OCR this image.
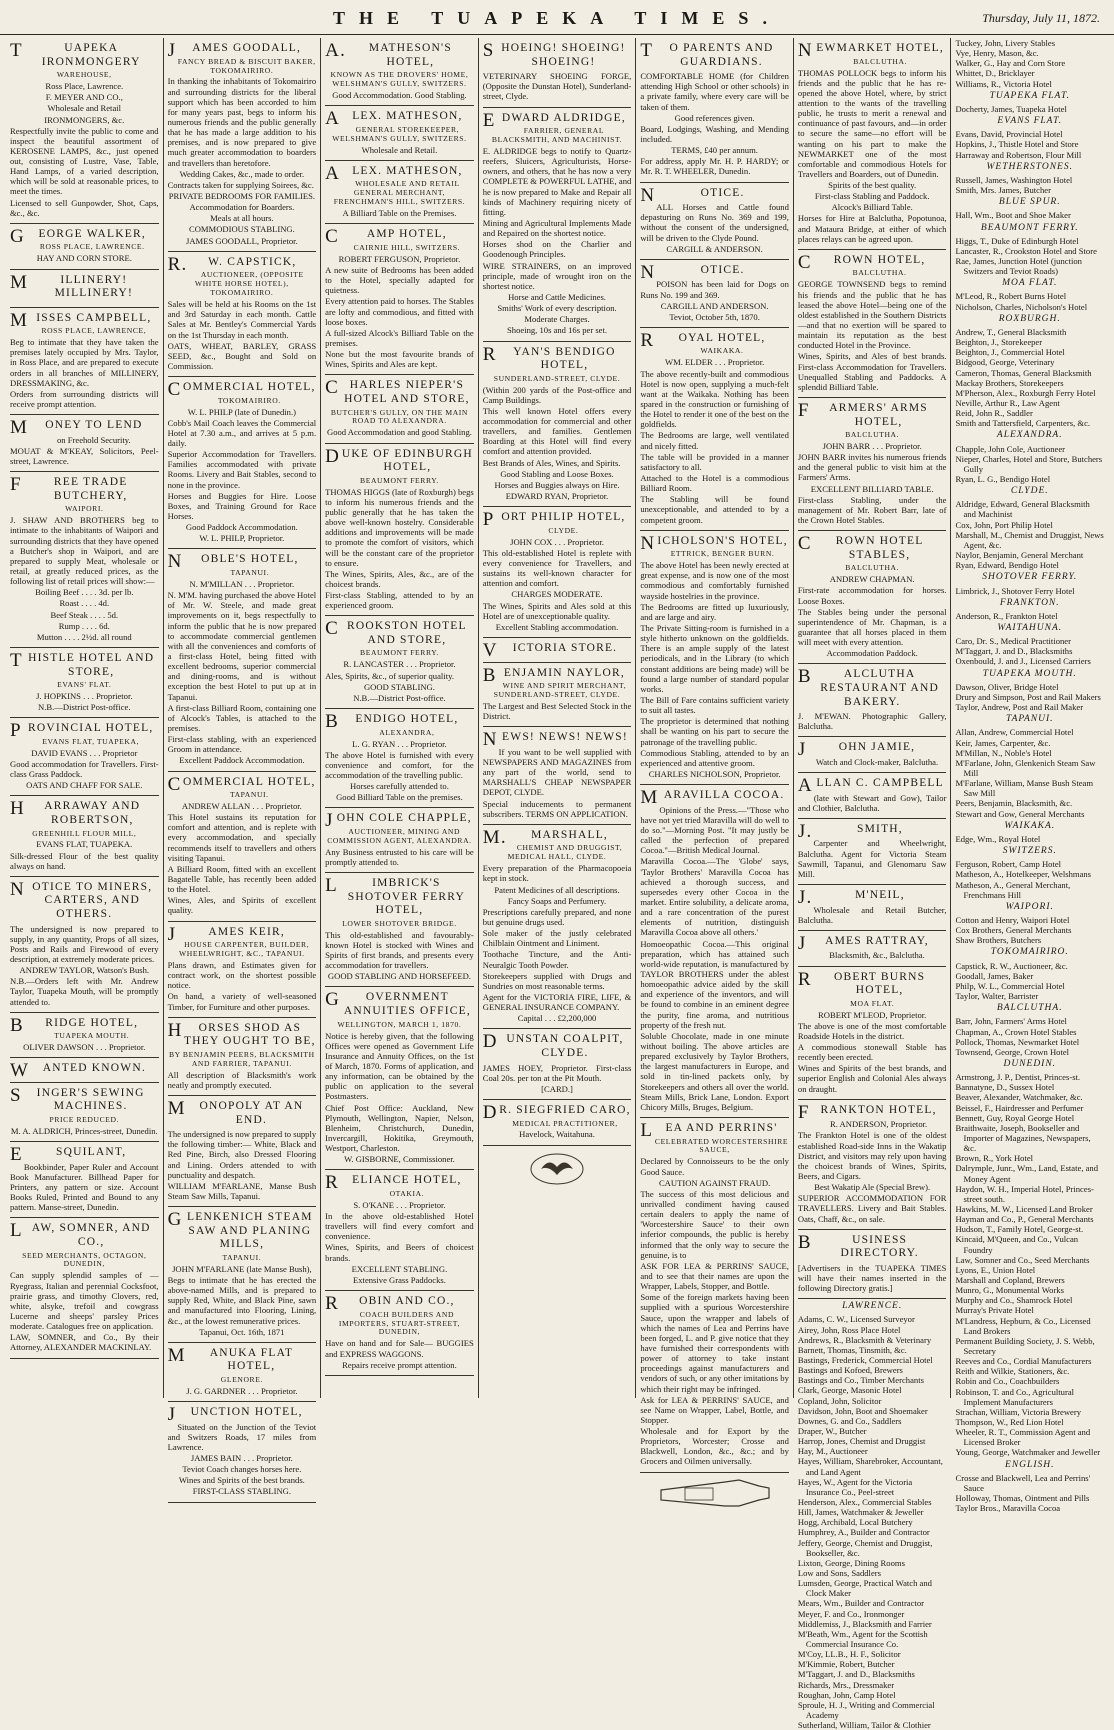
THE TUAPEKA TIMES.	Thursday, July 11, 1872.
TUAPEKA IRONMONGERY
WAREHOUSE,
Ross Place, Lawrence.
F. MEYER AND CO.,
Wholesale and Retail
IRONMONGERS, &c.
Respectfully invite the public to come and inspect the beautiful assortment of KEROSENE LAMPS, &c., just opened out, consisting of Lustre, Vase, Table, Hand Lamps, of a varied description, which will be sold at reasonable prices, to meet the times.
Licensed to sell Gunpowder, Shot, Caps, &c., &c.
GEORGE WALKER,
ROSS PLACE, LAWRENCE.
HAY AND CORN STORE.
MILLINERY! MILLINERY!
MISSES CAMPBELL,
ROSS PLACE, LAWRENCE,
Beg to intimate that they have taken the premises lately occupied by Mrs. Taylor, in Ross Place, and are prepared to execute orders in all branches of MILLINERY, DRESSMAKING, &c.
Orders from surrounding districts will receive prompt attention.
MONEY TO LEND
on Freehold Security.
MOUAT & M'KEAY, Solicitors, Peel-street, Lawrence.
FREE TRADE BUTCHERY,
WAIPORI.
J. SHAW AND BROTHERS beg to intimate to the inhabitants of Waipori and surrounding districts that they have opened a Butcher's shop in Waipori, and are prepared to supply Meat, wholesale or retail, at greatly reduced prices, as the following list of retail prices will show:—
Boiling Beef . . . . 3d. per lb.
Roast . . . . 4d.
Beef Steak . . . . 5d.
Rump . . . . 6d.
Mutton . . . . 2½d. all round
THISTLE HOTEL AND STORE,
EVANS' FLAT.
J. HOPKINS . . . Proprietor.
N.B.—District Post-office.
PROVINCIAL HOTEL,
EVANS FLAT, TUAPEKA,
DAVID EVANS . . . Proprietor
Good accommodation for Travellers. First-class Grass Paddock.
OATS AND CHAFF FOR SALE.
HARRAWAY AND ROBERTSON,
GREENHILL FLOUR MILL,
EVANS FLAT, TUAPEKA.
Silk-dressed Flour of the best quality always on hand.
NOTICE TO MINERS, CARTERS, AND OTHERS.
The undersigned is now prepared to supply, in any quantity, Props of all sizes, Posts and Rails and Firewood of every description, at extremely moderate prices.
ANDREW TAYLOR, Watson's Bush.
N.B.—Orders left with Mr. Andrew Taylor, Tuapeka Mouth, will be promptly attended to.
BRIDGE HOTEL,
TUAPEKA MOUTH.
OLIVER DAWSON . . . Proprietor.
WANTED KNOWN.
SINGER'S SEWING MACHINES.
PRICE REDUCED.
M. A. ALDRICH, Princes-street, Dunedin.
ESQUILANT,
Bookbinder, Paper Ruler and Account Book Manufacturer. Billhead Paper for Printers, any pattern or size. Account Books Ruled, Printed and Bound to any pattern. Manse-street, Dunedin.
LAW, SOMNER, AND CO.,
SEED MERCHANTS, OCTAGON, DUNEDIN,
Can supply splendid samples of — Ryegrass, Italian and perennial Cocksfoot, prairie grass, and timothy Clovers, red, white, alsyke, trefoil and cowgrass Lucerne and sheeps' parsley Prices moderate. Catalogues free on application.
LAW, SOMNER, and Co., By their Attorney, ALEXANDER MACKINLAY.
JAMES GOODALL,
FANCY BREAD & BISCUIT BAKER, TOKOMAIRIRO.
In thanking the inhabitants of Tokomairiro and surrounding districts for the liberal support which has been accorded to him for many years past, begs to inform his numerous friends and the public generally that he has made a large addition to his premises, and is now prepared to give much greater accommodation to boarders and travellers than heretofore.
Wedding Cakes, &c., made to order.
Contracts taken for supplying Soirees, &c.
PRIVATE BEDROOMS FOR FAMILIES.
Accommodation for Boarders.
Meals at all hours.
COMMODIOUS STABLING.
JAMES GOODALL, Proprietor.
R.W. CAPSTICK,
AUCTIONEER, (OPPOSITE WHITE HORSE HOTEL), TOKOMAIRIRO.
Sales will be held at his Rooms on the 1st and 3rd Saturday in each month. Cattle Sales at Mr. Bentley's Commercial Yards on the 1st Thursday in each month.
OATS, WHEAT, BARLEY, GRASS SEED, &c., Bought and Sold on Commission.
COMMERCIAL HOTEL,
TOKOMAIRIRO.
W. L. PHILP (late of Dunedin.)
Cobb's Mail Coach leaves the Commercial Hotel at 7.30 a.m., and arrives at 5 p.m. daily.
Superior Accommodation for Travellers. Families accommodated with private Rooms. Livery and Bait Stables, second to none in the province.
Horses and Buggies for Hire. Loose Boxes, and Training Ground for Race Horses.
Good Paddock Accommodation.
W. L. PHILP, Proprietor.
NOBLE'S HOTEL,
TAPANUI.
N. M'MILLAN . . . Proprietor.
N. M'M. having purchased the above Hotel of Mr. W. Steele, and made great improvements on it, begs respectfully to inform the public that he is now prepared to accommodate commercial gentlemen with all the conveniences and comforts of a first-class Hotel, being fitted with excellent bedrooms, superior commercial and dining-rooms, and is without exception the best Hotel to put up at in Tapanui.
A first-class Billiard Room, containing one of Alcock's Tables, is attached to the premises.
First-class stabling, with an experienced Groom in attendance.
Excellent Paddock Accommodation.
COMMERCIAL HOTEL,
TAPANUI.
ANDREW ALLAN . . . Proprietor.
This Hotel sustains its reputation for comfort and attention, and is replete with every accommodation, and specially recommends itself to travellers and others visiting Tapanui.
A Billiard Room, fitted with an excellent Bagatelle Table, has recently been added to the Hotel.
Wines, Ales, and Spirits of excellent quality.
JAMES KEIR,
HOUSE CARPENTER, BUILDER, WHEELWRIGHT, &C., TAPANUI.
Plans drawn, and Estimates given for contract work, on the shortest possible notice.
On hand, a variety of well-seasoned Timber, for Furniture and other purposes.
HORSES SHOD AS THEY OUGHT TO BE,
BY BENJAMIN PEERS, BLACKSMITH AND FARRIER, TAPANUI.
All description of Blacksmith's work neatly and promptly executed.
MONOPOLY AT AN END.
The undersigned is now prepared to supply the following timber:— White, Black and Red Pine, Birch, also Dressed Flooring and Lining. Orders attended to with punctuality and despatch.
WILLIAM M'FARLANE, Manse Bush Steam Saw Mills, Tapanui.
GLENKENICH STEAM SAW AND PLANING MILLS,
TAPANUI.
JOHN M'FARLANE (late Manse Bush),
Begs to intimate that he has erected the above-named Mills, and is prepared to supply Red, White, and Black Pine, sawn and manufactured into Flooring, Lining, &c., at the lowest remunerative prices.
Tapanui, Oct. 16th, 1871
MANUKA FLAT HOTEL,
GLENORE.
J. G. GARDNER . . . Proprietor.
JUNCTION HOTEL,
Situated on the Junction of the Teviot and Switzers Roads, 17 miles from Lawrence.
JAMES BAIN . . . Proprietor.
Teviot Coach changes horses here.
Wines and Spirits of the best brands.
FIRST-CLASS STABLING.
A.MATHESON'S HOTEL,
KNOWN AS THE DROVERS' HOME, WELSHMAN'S GULLY, SWITZERS.
Good Accommodation. Good Stabling.
ALEX. MATHESON,
GENERAL STOREKEEPER, WELSHMAN'S GULLY, SWITZERS.
Wholesale and Retail.
ALEX. MATHESON,
WHOLESALE AND RETAIL GENERAL MERCHANT, FRENCHMAN'S HILL, SWITZERS.
A Billiard Table on the Premises.
CAMP HOTEL,
CAIRNIE HILL, SWITZERS.
ROBERT FERGUSON, Proprietor.
A new suite of Bedrooms has been added to the Hotel, specially adapted for quietness.
Every attention paid to horses. The Stables are lofty and commodious, and fitted with loose boxes.
A full-sized Alcock's Billiard Table on the premises.
None but the most favourite brands of Wines, Spirits and Ales are kept.
CHARLES NIEPER'S HOTEL AND STORE,
BUTCHER'S GULLY, ON THE MAIN ROAD TO ALEXANDRA.
Good Accommodation and good Stabling.
DUKE OF EDINBURGH HOTEL,
BEAUMONT FERRY.
THOMAS HIGGS (late of Roxburgh) begs to inform his numerous friends and the public generally that he has taken the above well-known hostelry. Considerable additions and improvements will be made to promote the comfort of visitors, which will be the constant care of the proprietor to ensure.
The Wines, Spirits, Ales, &c., are of the choicest brands.
First-class Stabling, attended to by an experienced groom.
CROOKSTON HOTEL AND STORE,
BEAUMONT FERRY.
R. LANCASTER . . . Proprietor.
Ales, Spirits, &c., of superior quality.
GOOD STABLING.
N.B.—District Post-office.
BENDIGO HOTEL,
ALEXANDRA,
L. G. RYAN . . . Proprietor.
The above Hotel is furnished with every convenience and comfort, for the accommodation of the travelling public.
Horses carefully attended to.
Good Billiard Table on the premises.
JOHN COLE CHAPPLE,
AUCTIONEER, MINING AND COMMISSION AGENT, ALEXANDRA.
Any Business entrusted to his care will be promptly attended to.
LIMBRICK'S SHOTOVER FERRY HOTEL,
LOWER SHOTOVER BRIDGE.
This old-established and favourably-known Hotel is stocked with Wines and Spirits of first brands, and presents every accommodation for travellers.
GOOD STABLING AND HORSEFEED.
GOVERNMENT ANNUITIES OFFICE,
WELLINGTON, MARCH 1, 1870.
Notice is hereby given, that the following Offices were opened as Government Life Insurance and Annuity Offices, on the 1st of March, 1870. Forms of application, and any information, can be obtained by the public on application to the several Postmasters.
Chief Post Office: Auckland, New Plymouth, Wellington, Napier, Nelson, Blenheim, Christchurch, Dunedin, Invercargill, Hokitika, Greymouth, Westport, Charleston.
W. GISBORNE, Commissioner.
RELIANCE HOTEL,
OTAKIA.
S. O'KANE . . . Proprietor.
In the above old-established Hotel travellers will find every comfort and convenience.
Wines, Spirits, and Beers of choicest brands.
EXCELLENT STABLING.
Extensive Grass Paddocks.
ROBIN AND CO.,
COACH BUILDERS AND IMPORTERS, STUART-STREET, DUNEDIN,
Have on hand and for Sale— BUGGIES and EXPRESS WAGGONS.
Repairs receive prompt attention.
SHOEING! SHOEING! SHOEING!
VETERINARY SHOEING FORGE, (Opposite the Dunstan Hotel), Sunderland-street, Clyde.
EDWARD ALDRIDGE,
FARRIER, GENERAL BLACKSMITH, AND MACHINIST.
E. ALDRIDGE begs to notify to Quartz-reefers, Sluicers, Agriculturists, Horse-owners, and others, that he has now a very COMPLETE & POWERFUL LATHE, and he is now prepared to Make and Repair all kinds of Machinery requiring nicety of fitting.
Mining and Agricultural Implements Made and Repaired on the shortest notice.
Horses shod on the Charlier and Goodenough Principles.
WIRE STRAINERS, on an improved principle, made of wrought iron on the shortest notice.
Horse and Cattle Medicines.
Smiths' Work of every description.
Moderate Charges.
Shoeing, 10s and 16s per set.
RYAN'S BENDIGO HOTEL,
SUNDERLAND-STREET, CLYDE.
(Within 200 yards of the Post-office and Camp Buildings.
This well known Hotel offers every accommodation for commercial and other travellers, and families. Gentlemen Boarding at this Hotel will find every comfort and attention provided.
Best Brands of Ales, Wines, and Spirits.
Good Stabling and Loose Boxes.
Horses and Buggies always on Hire.
EDWARD RYAN, Proprietor.
PORT PHILIP HOTEL,
CLYDE.
JOHN COX . . . Proprietor.
This old-established Hotel is replete with every convenience for Travellers, and sustains its well-known character for attention and comfort.
CHARGES MODERATE.
The Wines, Spirits and Ales sold at this Hotel are of unexceptionable quality.
Excellent Stabling accommodation.
VICTORIA STORE.
BENJAMIN NAYLOR,
WINE AND SPIRIT MERCHANT, SUNDERLAND-STREET, CLYDE.
The Largest and Best Selected Stock in the District.
NEWS! NEWS! NEWS!
If you want to be well supplied with NEWSPAPERS AND MAGAZINES from any part of the world, send to MARSHALL'S CHEAP NEWSPAPER DEPOT, CLYDE.
Special inducements to permanent subscribers. TERMS ON APPLICATION.
M.MARSHALL,
CHEMIST AND DRUGGIST, MEDICAL HALL, CLYDE.
Every preparation of the Pharmacopoeia kept in stock.
Patent Medicines of all descriptions.
Fancy Soaps and Perfumery.
Prescriptions carefully prepared, and none but genuine drugs used.
Sole maker of the justly celebrated Chilblain Ointment and Liniment.
Toothache Tincture, and the Anti-Neuralgic Tooth Powder.
Storekeepers supplied with Drugs and Sundries on most reasonable terms.
Agent for the VICTORIA FIRE, LIFE, & GENERAL INSURANCE COMPANY.
Capital . . . £2,200,000
DUNSTAN COALPIT, CLYDE.
JAMES HOEY, Proprietor. First-class Coal 20s. per ton at the Pit Mouth.
[CARD.]
DR. SIEGFRIED CARO,
MEDICAL PRACTITIONER,
Havelock, Waitahuna.
TO PARENTS AND GUARDIANS.
COMFORTABLE HOME (for Children attending High School or other schools) in a private family, where every care will be taken of them.
Good references given.
Board, Lodgings, Washing, and Mending included.
TERMS, £40 per annum.
For address, apply Mr. H. P. HARDY; or Mr. R. T. WHEELER, Dunedin.
NOTICE.
ALL Horses and Cattle found depasturing on Runs No. 369 and 199, without the consent of the undersigned, will be driven to the Clyde Pound.
CARGILL & ANDERSON.
NOTICE.
POISON has been laid for Dogs on Runs No. 199 and 369.
CARGILL AND ANDERSON.
Teviot, October 5th, 1870.
ROYAL HOTEL,
WAIKAKA.
WM. ELDER . . . Proprietor.
The above recently-built and commodious Hotel is now open, supplying a much-felt want at the Waikaka. Nothing has been spared in the construction or furnishing of the Hotel to render it one of the best on the goldfields.
The Bedrooms are large, well ventilated and nicely fitted.
The table will be provided in a manner satisfactory to all.
Attached to the Hotel is a commodious Billiard Room.
The Stabling will be found unexceptionable, and attended to by a competent groom.
NICHOLSON'S HOTEL,
ETTRICK, BENGER BURN.
The above Hotel has been newly erected at great expense, and is now one of the most commodious and comfortably furnished wayside hostelries in the province.
The Bedrooms are fitted up luxuriously, and are large and airy.
The Private Sitting-room is furnished in a style hitherto unknown on the goldfields. There is an ample supply of the latest periodicals, and in the Library (to which constant additions are being made) will be found a large number of standard popular works.
The Bill of Fare contains sufficient variety to suit all tastes.
The proprietor is determined that nothing shall be wanting on his part to secure the patronage of the travelling public.
Commodious Stabling, attended to by an experienced and attentive groom.
CHARLES NICHOLSON, Proprietor.
MARAVILLA COCOA.
Opinions of the Press.—"Those who have not yet tried Maravilla will do well to do so."—Morning Post. "It may justly be called the perfection of prepared Cocoa."—British Medical Journal.
Maravilla Cocoa.—The 'Globe' says, 'Taylor Brothers' Maravilla Cocoa has achieved a thorough success, and supersedes every other Cocoa in the market. Entire solubility, a delicate aroma, and a rare concentration of the purest elements of nutrition, distinguish Maravilla Cocoa above all others.'
Homoeopathic Cocoa.—This original preparation, which has attained such world-wide reputation, is manufactured by TAYLOR BROTHERS under the ablest homoeopathic advice aided by the skill and experience of the inventors, and will be found to combine in an eminent degree the purity, fine aroma, and nutritious property of the fresh nut.
Soluble Chocolate, made in one minute without boiling. The above articles are prepared exclusively by Taylor Brothers, the largest manufacturers in Europe, and sold in tin-lined packets only, by Storekeepers and others all over the world. Steam Mills, Brick Lane, London. Export Chicory Mills, Bruges, Belgium.
LEA AND PERRINS'
CELEBRATED WORCESTERSHIRE SAUCE,
Declared by Connoisseurs to be the only Good Sauce.
CAUTION AGAINST FRAUD.
The success of this most delicious and unrivalled condiment having caused certain dealers to apply the name of 'Worcestershire Sauce' to their own inferior compounds, the public is hereby informed that the only way to secure the genuine, is to
ASK FOR LEA & PERRINS' SAUCE, and to see that their names are upon the Wrapper, Labels, Stopper, and Bottle.
Some of the foreign markets having been supplied with a spurious Worcestershire Sauce, upon the wrapper and labels of which the names of Lea and Perrins have been forged, L. and P. give notice that they have furnished their correspondents with power of attorney to take instant proceedings against manufacturers and vendors of such, or any other imitations by which their right may be infringed.
Ask for LEA & PERRINS' SAUCE, and see Name on Wrapper, Label, Bottle, and Stopper.
Wholesale and for Export by the Proprietors, Worcester; Crosse and Blackwell, London, &c., &c.; and by Grocers and Oilmen universally.
NEWMARKET HOTEL,
BALCLUTHA.
THOMAS POLLOCK begs to inform his friends and the public that he has re-opened the above Hotel, where, by strict attention to the wants of the travelling public, he trusts to merit a renewal and continuance of past favours, and—in order to secure the same—no effort will be wanting on his part to make the NEWMARKET one of the most comfortable and commodious Hotels for Travellers and Boarders, out of Dunedin.
Spirits of the best quality.
First-class Stabling and Paddock.
Alcock's Billiard Table.
Horses for Hire at Balclutha, Popotunoa, and Mataura Bridge, at either of which places relays can be agreed upon.
CROWN HOTEL,
BALCLUTHA.
GEORGE TOWNSEND begs to remind his friends and the public that he has leased the above Hotel—being one of the oldest established in the Southern Districts—and that no exertion will be spared to maintain its reputation as the best conducted Hotel in the Province.
Wines, Spirits, and Ales of best brands. First-class Accommodation for Travellers. Unequalled Stabling and Paddocks. A splendid Billiard Table.
FARMERS' ARMS HOTEL,
BALCLUTHA.
JOHN BARR . . . Proprietor.
JOHN BARR invites his numerous friends and the general public to visit him at the Farmers' Arms.
EXCELLENT BILLIARD TABLE.
First-class Stabling, under the management of Mr. Robert Barr, late of the Crown Hotel Stables.
CROWN HOTEL STABLES,
BALCLUTHA.
ANDREW CHAPMAN.
First-rate accommodation for horses. Loose Boxes.
The Stables being under the personal superintendence of Mr. Chapman, is a guarantee that all horses placed in them will meet with every attention.
Accommodation Paddock.
BALCLUTHA RESTAURANT AND BAKERY.
J. M'EWAN. Photographic Gallery, Balclutha.
JOHN JAMIE,
Watch and Clock-maker, Balclutha.
ALLAN C. CAMPBELL
(late with Stewart and Gow), Tailor and Clothier, Balclutha.
J.SMITH,
Carpenter and Wheelwright, Balclutha. Agent for Victoria Steam Sawmill, Tapanui, and Glenomaru Saw Mill.
J.M'NEIL,
Wholesale and Retail Butcher, Balclutha.
JAMES RATTRAY,
Blacksmith, &c., Balclutha.
ROBERT BURNS HOTEL,
MOA FLAT.
ROBERT M'LEOD, Proprietor.
The above is one of the most comfortable Roadside Hotels in the district.
A commodious stonewall Stable has recently been erected.
Wines and Spirits of the best brands, and superior English and Colonial Ales always on draught.
FRANKTON HOTEL,
R. ANDERSON, Proprietor.
The Frankton Hotel is one of the oldest established Road-side Inns in the Wakatip District, and visitors may rely upon having the choicest brands of Wines, Spirits, Beers, and Cigars.
Best Wakatip Ale (Special Brew).
SUPERIOR ACCOMMODATION FOR TRAVELLERS. Livery and Bait Stables. Oats, Chaff, &c., on sale.
BUSINESS DIRECTORY.
[Advertisers in the TUAPEKA TIMES will have their names inserted in the following Directory gratis.]
LAWRENCE.
Adams, C. W., Licensed Surveyor
Airey, John, Ross Place Hotel
Andrews, R., Blacksmith & Veterinary
Barnett, Thomas, Tinsmith, &c.
Bastings, Frederick, Commercial Hotel
Bastings and Kofoed, Brewers
Bastings and Co., Timber Merchants
Clark, George, Masonic Hotel
Copland, John, Solicitor
Davidson, John, Boot and Shoemaker
Downes, G. and Co., Saddlers
Draper, W., Butcher
Harrop, Jones, Chemist and Druggist
Hay, M., Auctioneer
Hayes, William, Sharebroker, Accountant, and Land Agent
Hayes, W., Agent for the Victoria Insurance Co., Peel-street
Henderson, Alex., Commercial Stables
Hill, James, Watchmaker & Jeweller
Hogg, Archibald, Local Butchery
Humphrey, A., Builder and Contractor
Jeffery, George, Chemist and Druggist, Bookseller, &c.
Lixton, George, Dining Rooms
Low and Sons, Saddlers
Lumsden, George, Practical Watch and Clock Maker
Mears, Wm., Builder and Contractor
Meyer, F. and Co., Ironmonger
Middlemiss, J., Blacksmith and Farrier
M'Beath, Wm., Agent for the Scottish Commercial Insurance Co.
M'Coy, LL.B., H. F., Solicitor
M'Kimmie, Robert, Butcher
M'Taggart, J. and D., Blacksmiths
Richards, Mrs., Dressmaker
Roughan, John, Camp Hotel
Sproule, H. J., Writing and Commercial Academy
Sutherland, William, Tailor & Clothier
Tuckey, John, Livery Stables
Vye, Henry, Mason, &c.
Walker, G., Hay and Corn Store
Whittet, D., Bricklayer
Williams, R., Victoria Hotel
TUAPEKA FLAT.
Docherty, James, Tuapeka Hotel
EVANS FLAT.
Evans, David, Provincial Hotel
Hopkins, J., Thistle Hotel and Store
Harraway and Robertson, Flour Mill
WETHERSTONES.
Russell, James, Washington Hotel
Smith, Mrs. James, Butcher
BLUE SPUR.
Hall, Wm., Boot and Shoe Maker
BEAUMONT FERRY.
Higgs, T., Duke of Edinburgh Hotel
Lancaster, R., Crookston Hotel and Store
Rae, James, Junction Hotel (junction Switzers and Teviot Roads)
MOA FLAT.
M'Leod, R., Robert Burns Hotel
Nicholson, Charles, Nicholson's Hotel
ROXBURGH.
Andrew, T., General Blacksmith
Beighton, J., Storekeeper
Beighton, J., Commercial Hotel
Bidgood, George, Veterinary
Cameron, Thomas, General Blacksmith
Mackay Brothers, Storekeepers
M'Pherson, Alex., Roxburgh Ferry Hotel
Neville, Arthur R., Law Agent
Reid, John R., Saddler
Smith and Tattersfield, Carpenters, &c.
ALEXANDRA.
Chapple, John Cole, Auctioneer
Nieper, Charles, Hotel and Store, Butchers Gully
Ryan, L. G., Bendigo Hotel
CLYDE.
Aldridge, Edward, General Blacksmith and Machinist
Cox, John, Port Philip Hotel
Marshall, M., Chemist and Druggist, News Agent, &c.
Naylor, Benjamin, General Merchant
Ryan, Edward, Bendigo Hotel
SHOTOVER FERRY.
Limbrick, J., Shotover Ferry Hotel
FRANKTON.
Anderson, R., Frankton Hotel
WAITAHUNA.
Caro, Dr. S., Medical Practitioner
M'Taggart, J. and D., Blacksmiths
Oxenbould, J. and J., Licensed Carriers
TUAPEKA MOUTH.
Dawson, Oliver, Bridge Hotel
Drury and Simpson, Post and Rail Makers
Taylor, Andrew, Post and Rail Maker
TAPANUI.
Allan, Andrew, Commercial Hotel
Keir, James, Carpenter, &c.
M'Millan, N., Noble's Hotel
M'Farlane, John, Glenkenich Steam Saw Mill
M'Farlane, William, Manse Bush Steam Saw Mill
Peers, Benjamin, Blacksmith, &c.
Stewart and Gow, General Merchants
WAIKAKA.
Edge, Wm., Royal Hotel
SWITZERS.
Ferguson, Robert, Camp Hotel
Matheson, A., Hotelkeeper, Welshmans
Matheson, A., General Merchant, Frenchmans Hill
WAIPORI.
Cotton and Henry, Waipori Hotel
Cox Brothers, General Merchants
Shaw Brothers, Butchers
TOKOMAIRIRO.
Capstick, R. W., Auctioneer, &c.
Goodall, James, Baker
Philp, W. L., Commercial Hotel
Taylor, Walter, Barrister
BALCLUTHA.
Barr, John, Farmers' Arms Hotel
Chapman, A., Crown Hotel Stables
Pollock, Thomas, Newmarket Hotel
Townsend, George, Crown Hotel
DUNEDIN.
Armstrong, J. P., Dentist, Princes-st.
Bannatyne, D., Sussex Hotel
Beaver, Alexander, Watchmaker, &c.
Beissel, F., Hairdresser and Perfumer
Bennett, Guy, Royal George Hotel
Braithwaite, Joseph, Bookseller and Importer of Magazines, Newspapers, &c.
Brown, R., York Hotel
Dalrymple, Junr., Wm., Land, Estate, and Money Agent
Haydon, W. H., Imperial Hotel, Princes-street south.
Hawkins, M. W., Licensed Land Broker
Hayman and Co., P., General Merchants
Hudson, T., Family Hotel, George-st.
Kincaid, M'Queen, and Co., Vulcan Foundry
Law, Somner and Co., Seed Merchants
Lyons, E., Union Hotel
Marshall and Copland, Brewers
Munro, G., Monumental Works
Murphy and Co., Shamrock Hotel
Murray's Private Hotel
M'Landress, Hepburn, & Co., Licensed Land Brokers
Permanent Building Society, J. S. Webb, Secretary
Reeves and Co., Cordial Manufacturers
Reith and Wilkie, Stationers, &c.
Robin and Co., Coachbuilders
Robinson, T. and Co., Agricultural Implement Manufacturers
Strachan, William, Victoria Brewery
Thompson, W., Red Lion Hotel
Wheeler, R. T., Commission Agent and Licensed Broker
Young, George, Watchmaker and Jeweller
ENGLISH.
Crosse and Blackwell, Lea and Perrins' Sauce
Holloway, Thomas, Ointment and Pills
Taylor Bros., Maravilla Cocoa
